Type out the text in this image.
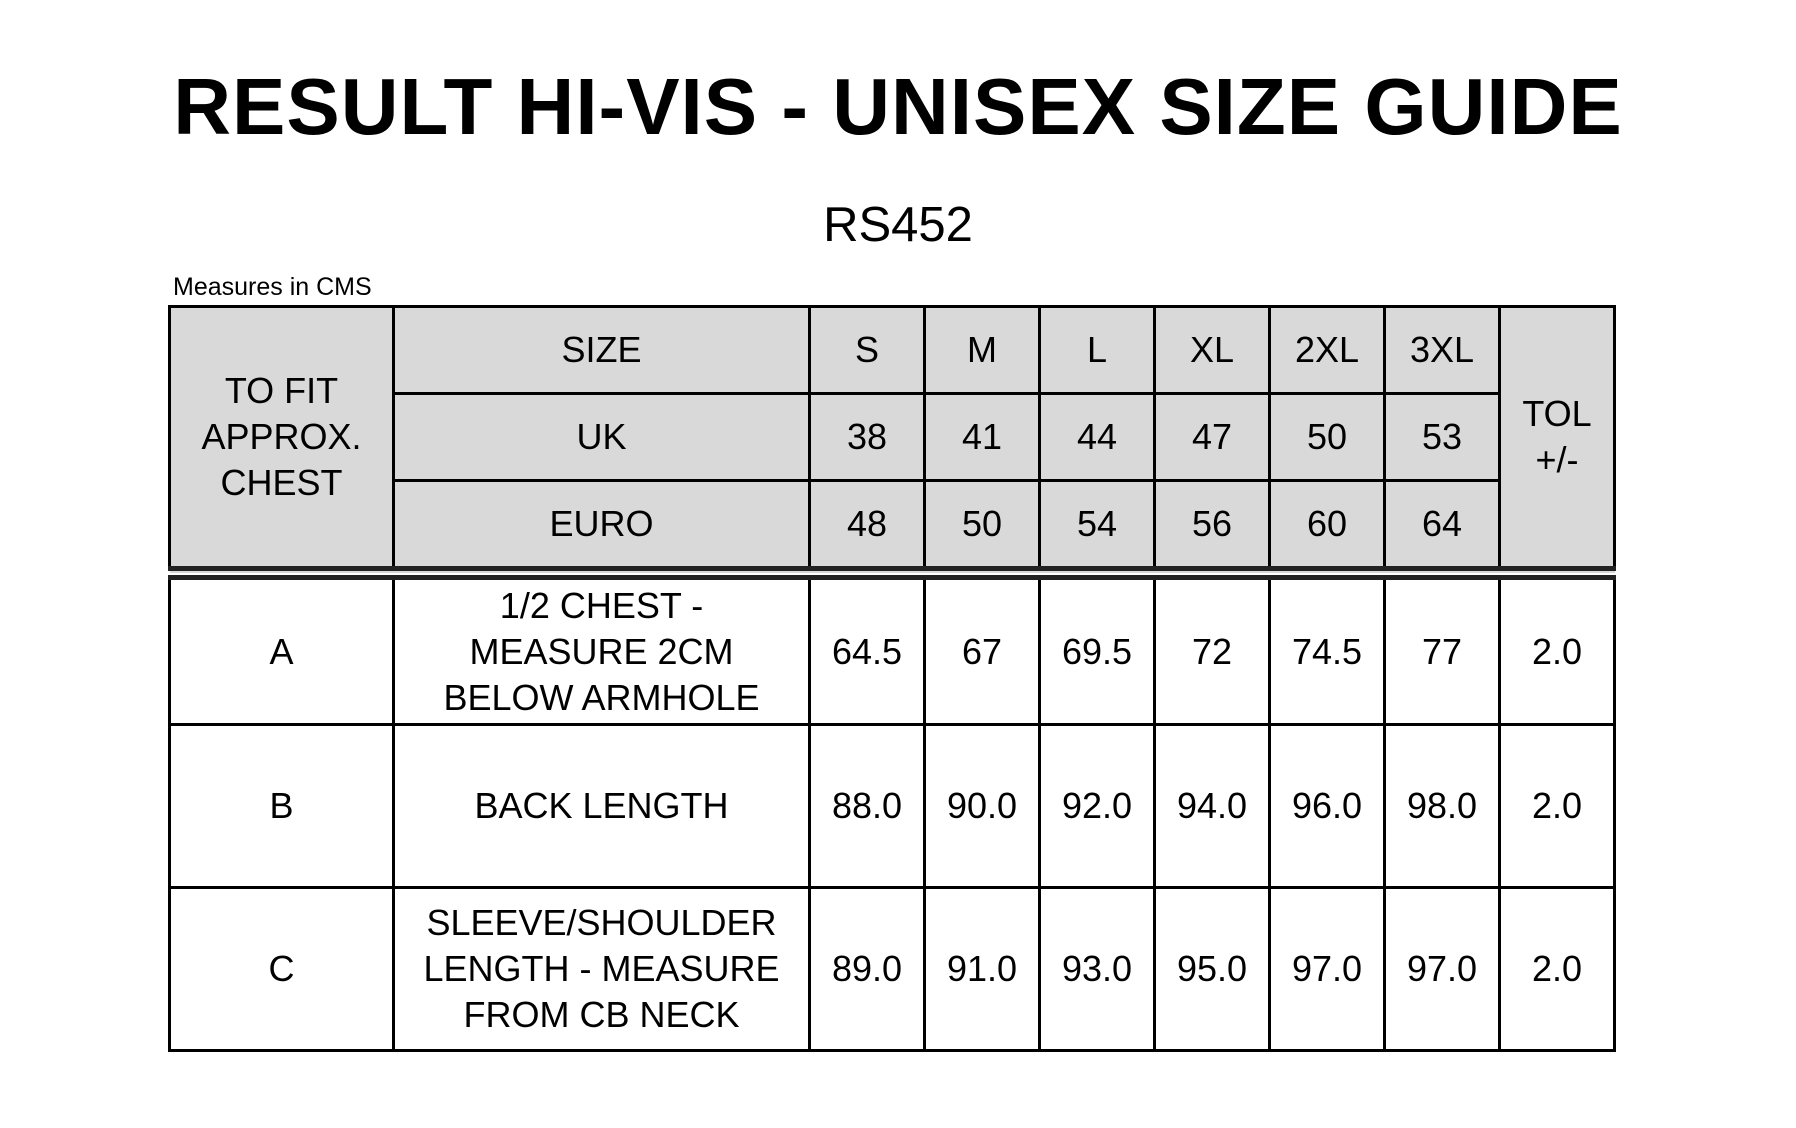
RESULT HI-VIS - UNISEX SIZE GUIDE
RS452
Measures in CMS
TO FIT
APPROX.
CHEST	SIZE	S	M	L	XL	2XL	3XL	TOL
+/-

	UK	38	41	44	47	50	53	
	EURO	48	50	54	56	60	64	
A	1/2 CHEST -
MEASURE 2CM
BELOW ARMHOLE	64.5	67	69.5	72	74.5	77	2.0
B	BACK LENGTH	88.0	90.0	92.0	94.0	96.0	98.0	2.0
C	SLEEVE/SHOULDER
LENGTH - MEASURE
FROM CB NECK	89.0	91.0	93.0	95.0	97.0	97.0	2.0
